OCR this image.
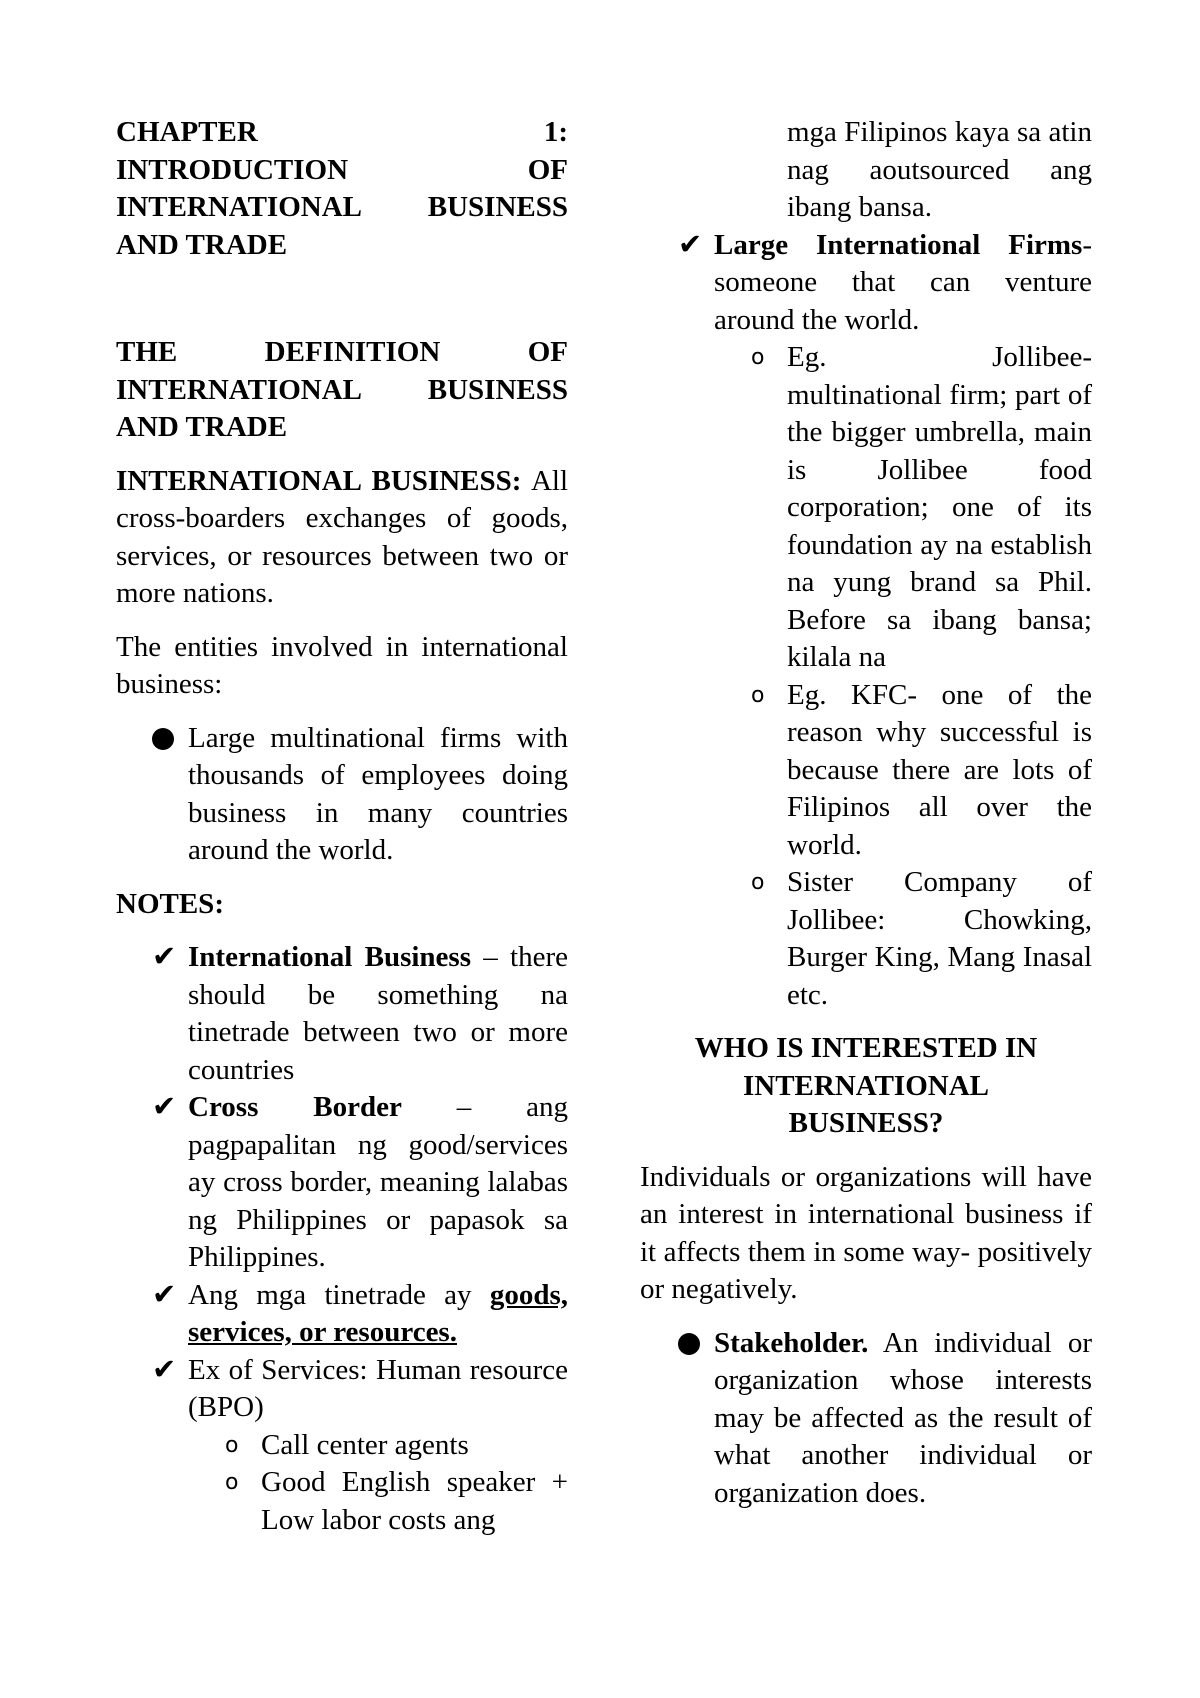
CHAPTER	1:
INTRODUCTION OF
INTERNATIONAL BUSINESS
AND TRADE
THE DEFINITION OF
INTERNATIONAL BUSINESS
AND TRADE

INTERNATIONAL BUSINESS: All cross-boarders exchanges of goods, services, or resources between two or more nations.

The entities involved in international business:

Large multinational firms with thousands of employees doing business in many countries around the world.

NOTES:

✔ International Business – there should be something na tinetrade between two or more countries
✔ Cross Border – ang pagpapalitan ng good/services ay cross border, meaning lalabas ng Philippines or papasok sa Philippines.
✔ Ang mga tinetrade ay goods, services, or resources.
✔ Ex of Services: Human resource (BPO)
o Call center agents
o Good English speaker + Low labor costs ang

mga Filipinos kaya sa atin nag aoutsourced ang ibang bansa.

✔ Large International Firms- someone that can venture around the world.
o Eg. Jollibee- multinational firm; part of the bigger umbrella, main is Jollibee food corporation; one of its foundation ay na establish na yung brand sa Phil. Before sa ibang bansa; kilala na
o Eg. KFC- one of the reason why successful is because there are lots of Filipinos all over the world.
o Sister Company of Jollibee: Chowking, Burger King, Mang Inasal etc.
WHO IS INTERESTED IN
INTERNATIONAL
BUSINESS?

Individuals or organizations will have an interest in international business if it affects them in some way- positively or negatively.

Stakeholder. An individual or organization whose interests may be affected as the result of what another individual or organization does.
